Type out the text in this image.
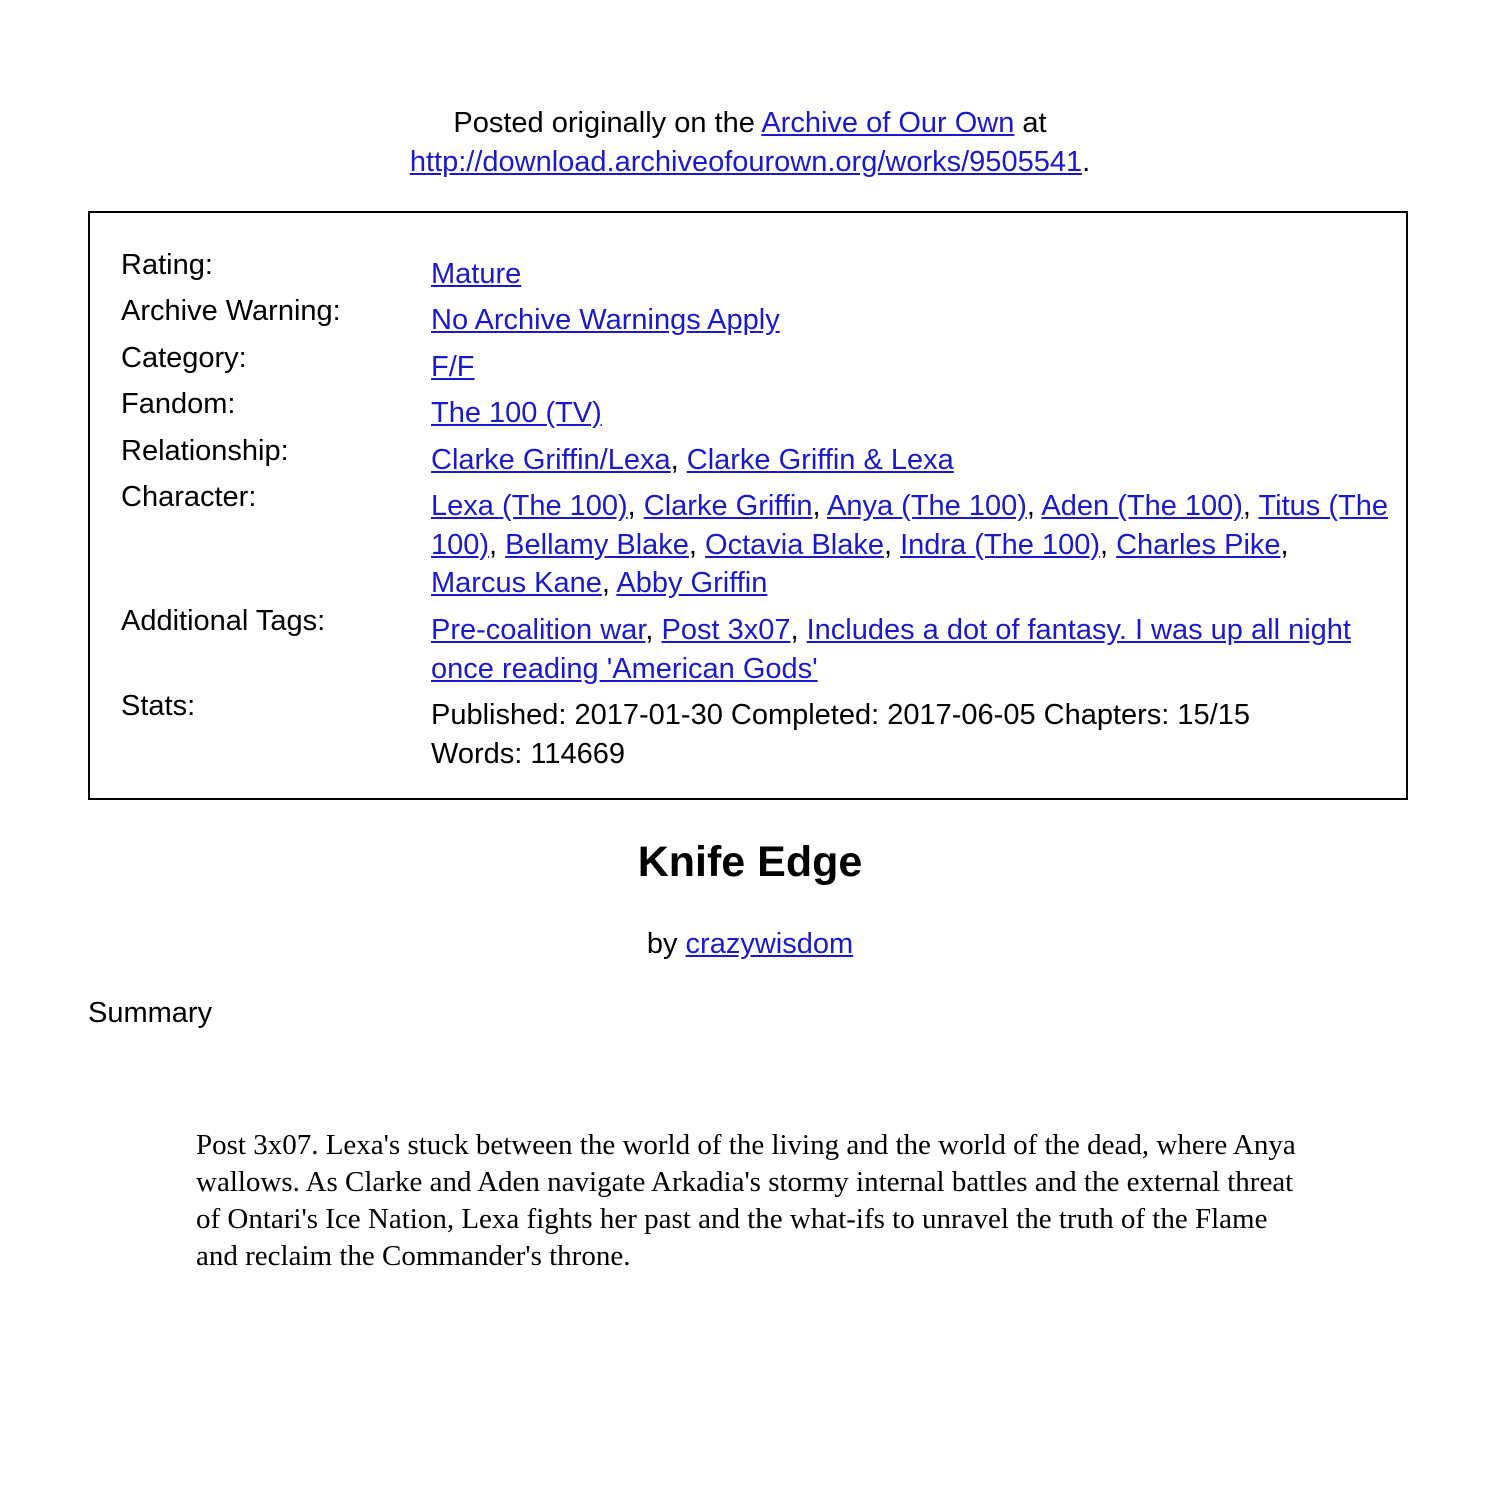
Posted originally on the Archive of Our Own at
http://download.archiveofourown.org/works/9505541.
Rating:	Mature
Archive Warning:	No Archive Warnings Apply
Category:	F/F
Fandom:	The 100 (TV)
Relationship:	Clarke Griffin/Lexa, Clarke Griffin & Lexa
Character:	Lexa (The 100), Clarke Griffin, Anya (The 100), Aden (The 100), Titus (The 100), Bellamy Blake, Octavia Blake, Indra (The 100), Charles Pike, Marcus Kane, Abby Griffin
Additional Tags:	Pre-coalition war, Post 3x07, Includes a dot of fantasy. I was up all night once reading 'American Gods'
Stats:	Published: 2017-01-30 Completed: 2017-06-05 Chapters: 15/15
Words: 114669
Knife Edge
by crazywisdom
Summary
Post 3x07. Lexa's stuck between the world of the living and the world of the dead, where Anya wallows. As Clarke and Aden navigate Arkadia's stormy internal battles and the external threat of Ontari's Ice Nation, Lexa fights her past and the what-ifs to unravel the truth of the Flame and reclaim the Commander's throne.
